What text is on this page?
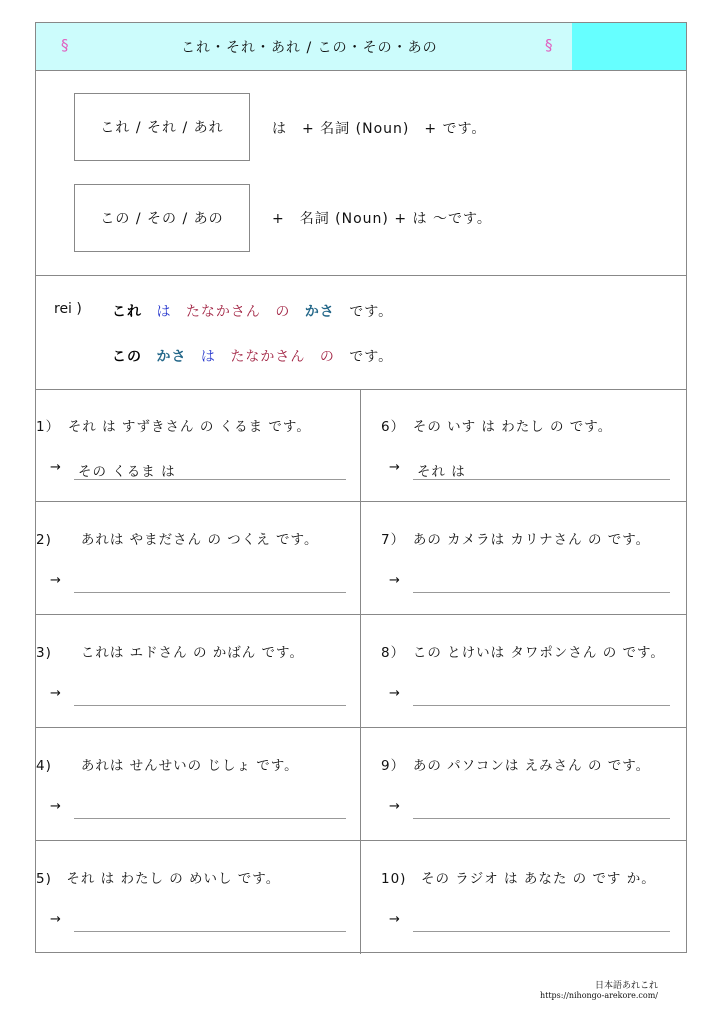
§	これ・それ・あれ / この・その・あの	§
これ / それ / あれ	は　+ 名詞 (Noun)　+ です。
この / その / あの	+　名詞 (Noun) + は ～です。
rei ) これ は たなかさん の かさ です。
この かさ は たなかさん の です。
1）　それ は すずきさん の くるま です。
→ その くるま は
6）　その いす は わたし の です。
→ それ は
2)　　あれは やまださん の つくえ です。
→
7）　あの カメラは カリナさん の です。
→
3)　　これは エドさん の かばん です。
→
8）　この とけいは タワポンさん の です。
→
4)　　あれは せんせいの じしょ です。
→
9）　あの パソコンは えみさん の です。
→
5)　それ は わたし の めいし です。
→
10)　その ラジオ は あなた の です か。
→
日本語あれこれ
https://nihongo-arekore.com/
